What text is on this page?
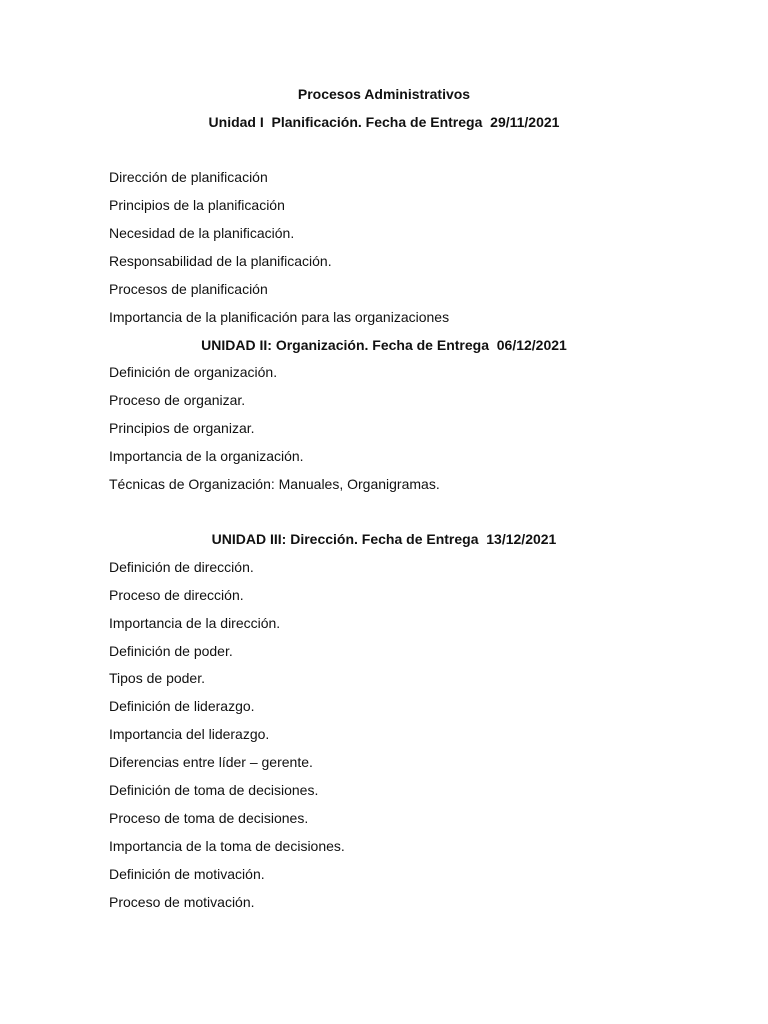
Procesos Administrativos
Unidad I  Planificación. Fecha de Entrega  29/11/2021
Dirección de planificación
Principios de la planificación
Necesidad de la planificación.
Responsabilidad de la planificación.
Procesos de planificación
Importancia de la planificación para las organizaciones
UNIDAD II: Organización. Fecha de Entrega  06/12/2021
Definición de organización.
Proceso de organizar.
Principios de organizar.
Importancia de la organización.
Técnicas de Organización: Manuales, Organigramas.
UNIDAD III: Dirección. Fecha de Entrega  13/12/2021
Definición de dirección.
Proceso de dirección.
Importancia de la dirección.
Definición de poder.
Tipos de poder.
Definición de liderazgo.
Importancia del liderazgo.
Diferencias entre líder – gerente.
Definición de toma de decisiones.
Proceso de toma de decisiones.
Importancia de la toma de decisiones.
Definición de motivación.
Proceso de motivación.
